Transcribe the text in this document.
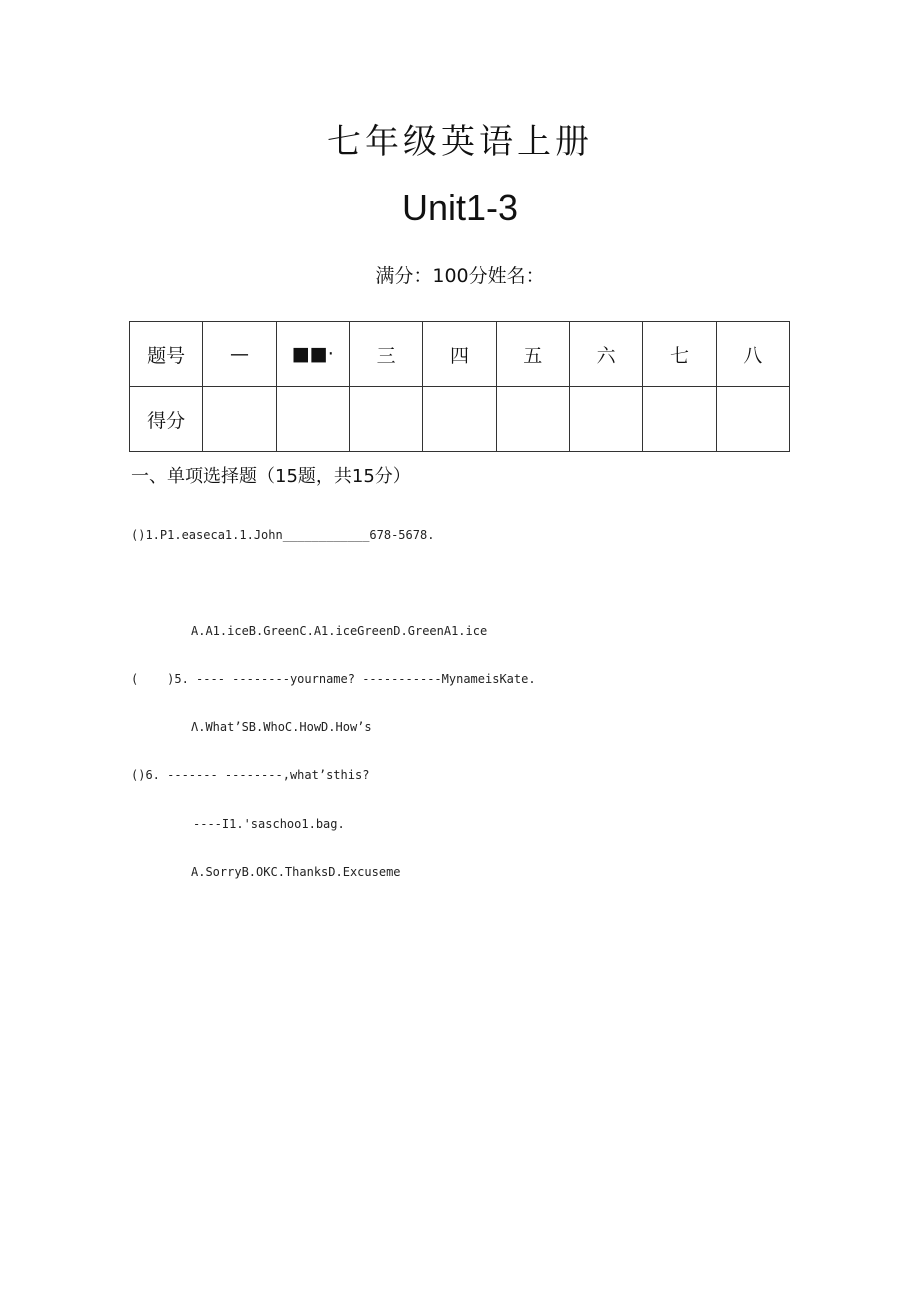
七年级英语上册
Unit1-3
满分：100分姓名：
题号	—	■■·	三	四	五	六	七	八
得分								
一、单项选择题（15题，共15分）
()1.P1.easeca1.1.John____________678-5678.
A.A1.iceB.GreenC.A1.iceGreenD.GreenA1.ice
(    )5. ---- --------yourname? -----------MynameisKate.
Λ.What’SB.WhoC.HowD.How’s
()6. ------- --------,what’sthis?
----I1.'saschoo1.bag.
A.SorryB.OKC.ThanksD.Excuseme
